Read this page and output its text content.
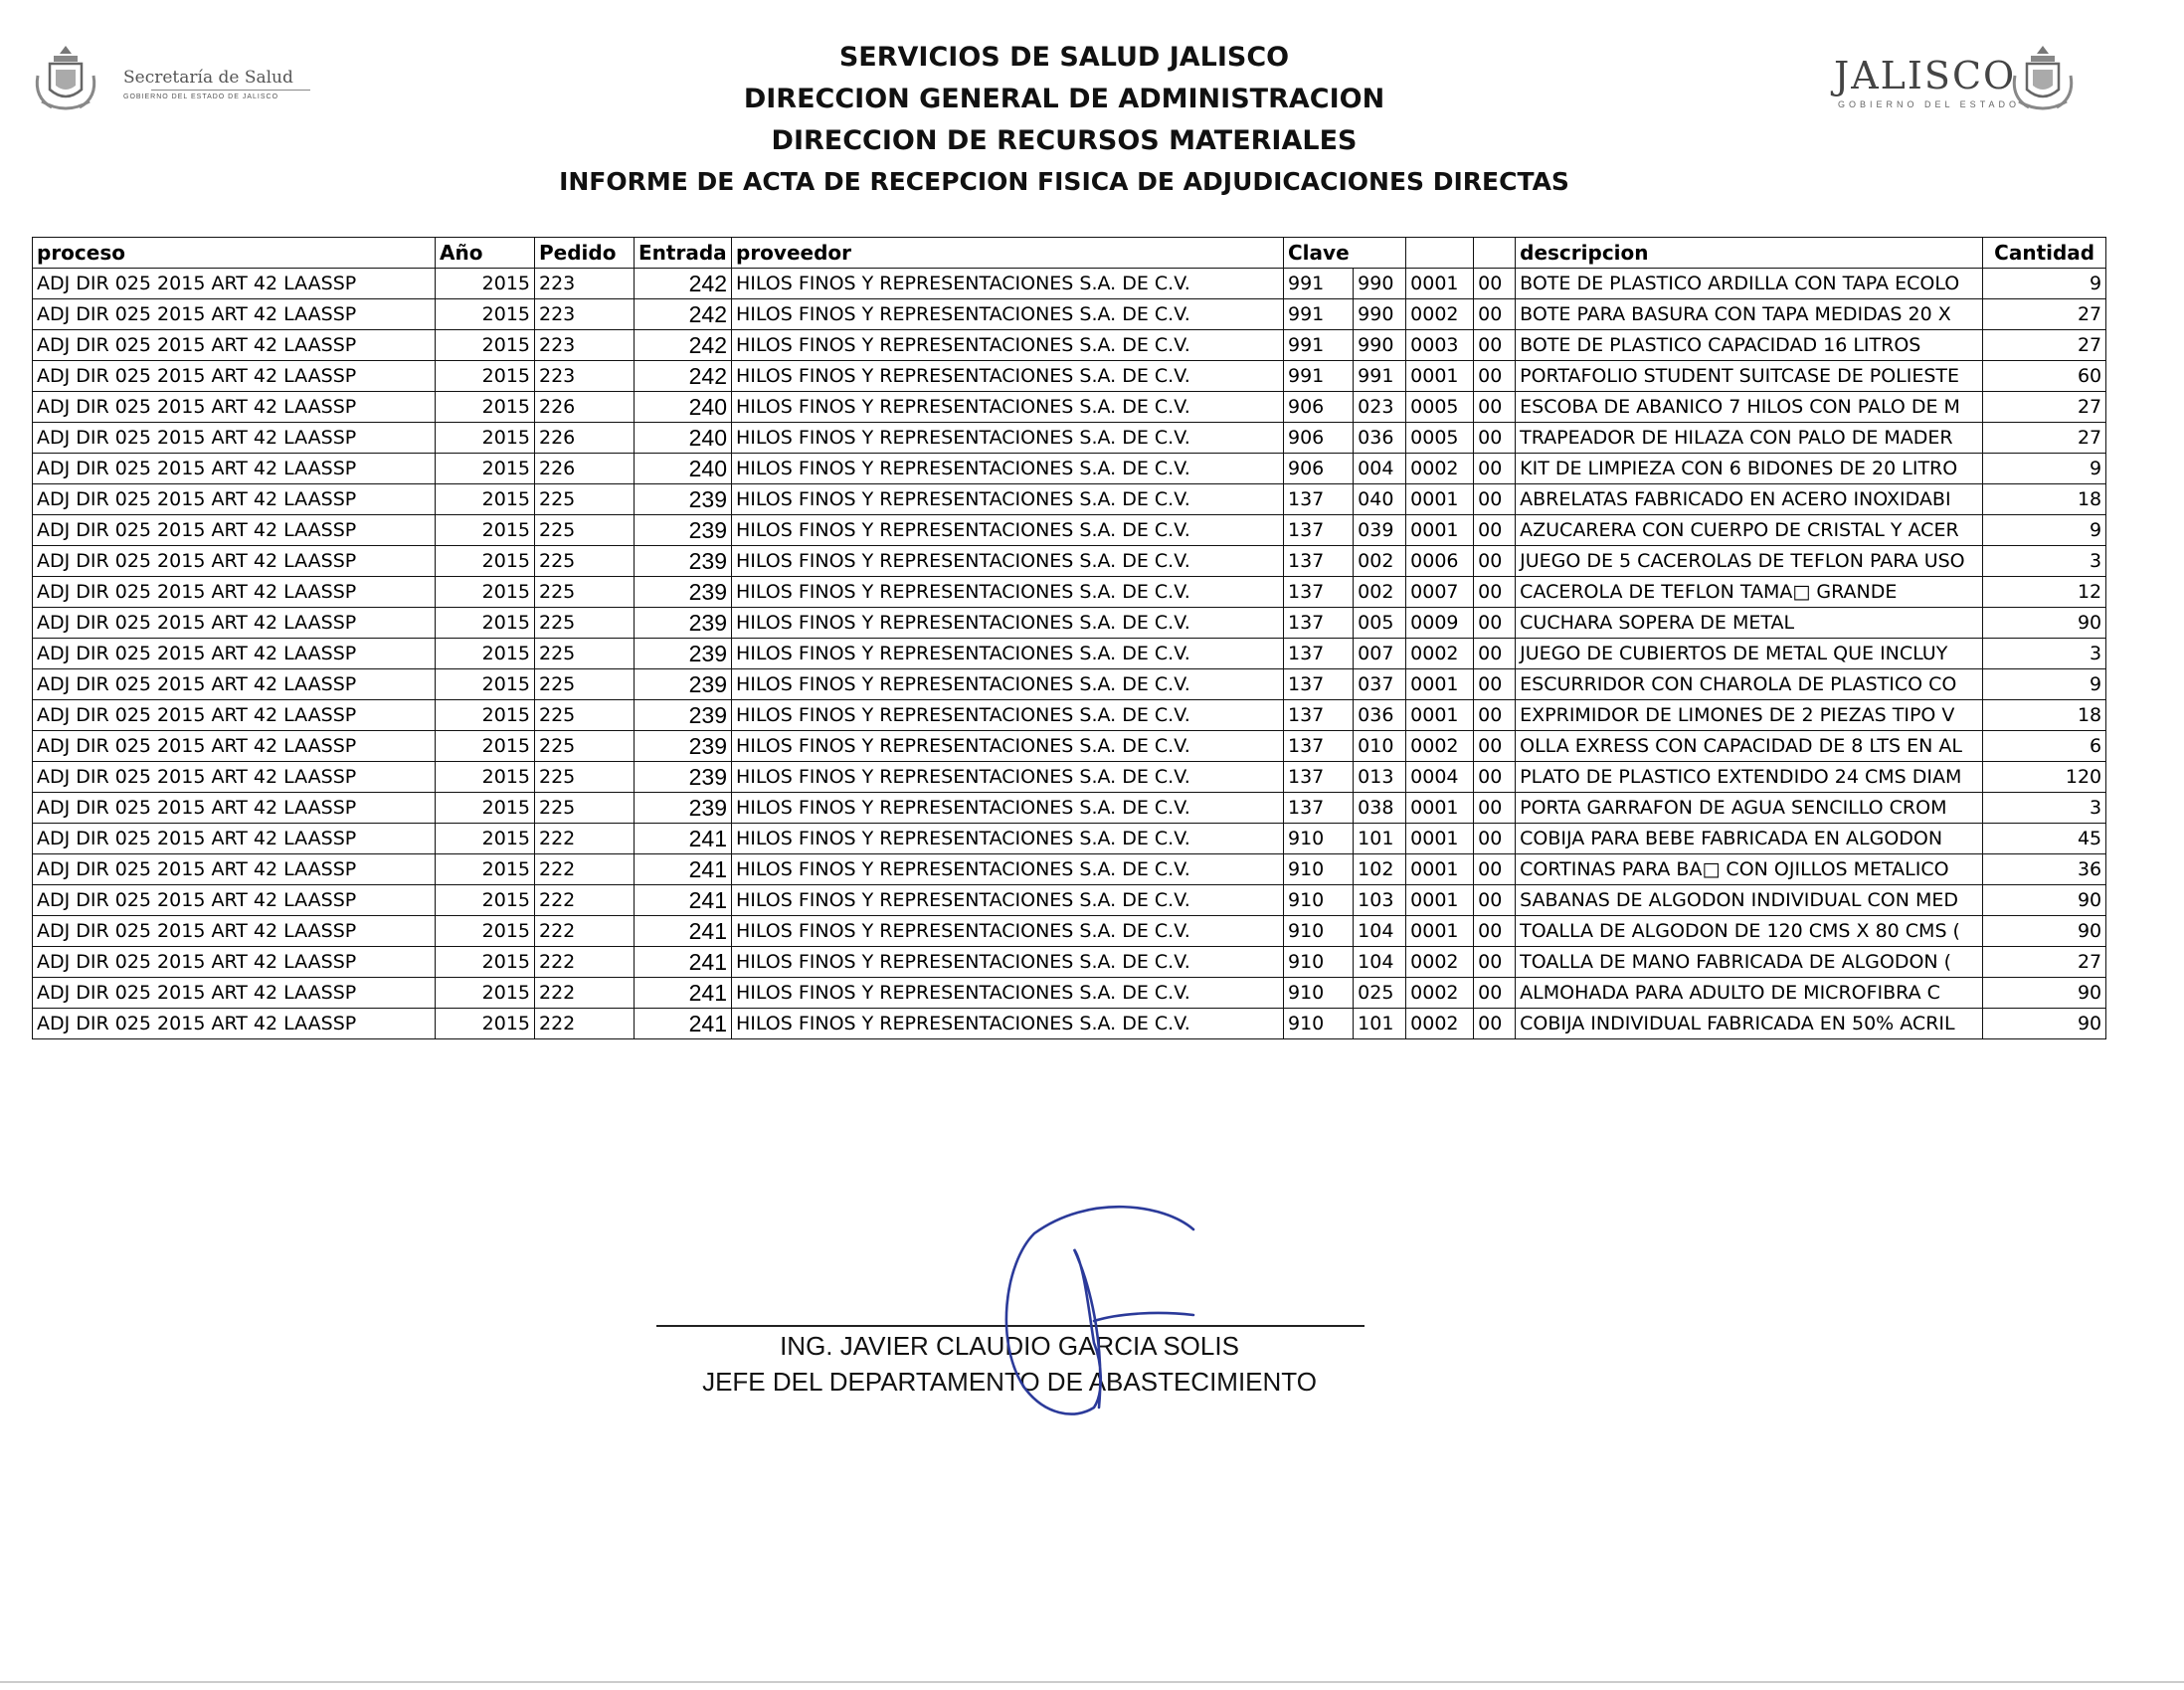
Secretaría de Salud
GOBIERNO DEL ESTADO DE JALISCO	JALISCO
GOBIERNO DEL ESTADO
SERVICIOS DE SALUD JALISCO
DIRECCION GENERAL DE ADMINISTRACION
DIRECCION DE RECURSOS MATERIALES
INFORME DE ACTA DE RECEPCION FISICA DE ADJUDICACIONES DIRECTAS
proceso	Año	Pedido	Entrada	proveedor	Clave				descripcion	Cantidad
ADJ DIR 025 2015 ART 42 LAASSP	2015	223	242	HILOS FINOS Y REPRESENTACIONES S.A. DE C.V.	991	990	0001	00	BOTE DE PLASTICO ARDILLA CON TAPA ECOLO	9
ADJ DIR 025 2015 ART 42 LAASSP	2015	223	242	HILOS FINOS Y REPRESENTACIONES S.A. DE C.V.	991	990	0002	00	BOTE PARA BASURA CON TAPA MEDIDAS 20 X	27
ADJ DIR 025 2015 ART 42 LAASSP	2015	223	242	HILOS FINOS Y REPRESENTACIONES S.A. DE C.V.	991	990	0003	00	BOTE DE PLASTICO CAPACIDAD 16 LITROS	27
ADJ DIR 025 2015 ART 42 LAASSP	2015	223	242	HILOS FINOS Y REPRESENTACIONES S.A. DE C.V.	991	991	0001	00	PORTAFOLIO STUDENT SUITCASE DE POLIESTE	60
ADJ DIR 025 2015 ART 42 LAASSP	2015	226	240	HILOS FINOS Y REPRESENTACIONES S.A. DE C.V.	906	023	0005	00	ESCOBA DE ABANICO 7 HILOS CON PALO DE M	27
ADJ DIR 025 2015 ART 42 LAASSP	2015	226	240	HILOS FINOS Y REPRESENTACIONES S.A. DE C.V.	906	036	0005	00	TRAPEADOR DE HILAZA CON PALO DE MADER	27
ADJ DIR 025 2015 ART 42 LAASSP	2015	226	240	HILOS FINOS Y REPRESENTACIONES S.A. DE C.V.	906	004	0002	00	KIT DE LIMPIEZA CON 6 BIDONES DE 20 LITRO	9
ADJ DIR 025 2015 ART 42 LAASSP	2015	225	239	HILOS FINOS Y REPRESENTACIONES S.A. DE C.V.	137	040	0001	00	ABRELATAS FABRICADO EN ACERO INOXIDABI	18
ADJ DIR 025 2015 ART 42 LAASSP	2015	225	239	HILOS FINOS Y REPRESENTACIONES S.A. DE C.V.	137	039	0001	00	AZUCARERA CON CUERPO DE CRISTAL Y ACER	9
ADJ DIR 025 2015 ART 42 LAASSP	2015	225	239	HILOS FINOS Y REPRESENTACIONES S.A. DE C.V.	137	002	0006	00	JUEGO DE 5 CACEROLAS DE TEFLON PARA USO	3
ADJ DIR 025 2015 ART 42 LAASSP	2015	225	239	HILOS FINOS Y REPRESENTACIONES S.A. DE C.V.	137	002	0007	00	CACEROLA DE TEFLON TAMA□ GRANDE	12
ADJ DIR 025 2015 ART 42 LAASSP	2015	225	239	HILOS FINOS Y REPRESENTACIONES S.A. DE C.V.	137	005	0009	00	CUCHARA SOPERA DE METAL	90
ADJ DIR 025 2015 ART 42 LAASSP	2015	225	239	HILOS FINOS Y REPRESENTACIONES S.A. DE C.V.	137	007	0002	00	JUEGO DE CUBIERTOS DE METAL QUE INCLUY	3
ADJ DIR 025 2015 ART 42 LAASSP	2015	225	239	HILOS FINOS Y REPRESENTACIONES S.A. DE C.V.	137	037	0001	00	ESCURRIDOR CON CHAROLA DE PLASTICO CO	9
ADJ DIR 025 2015 ART 42 LAASSP	2015	225	239	HILOS FINOS Y REPRESENTACIONES S.A. DE C.V.	137	036	0001	00	EXPRIMIDOR DE LIMONES DE 2 PIEZAS TIPO V	18
ADJ DIR 025 2015 ART 42 LAASSP	2015	225	239	HILOS FINOS Y REPRESENTACIONES S.A. DE C.V.	137	010	0002	00	OLLA EXRESS CON CAPACIDAD DE 8 LTS EN AL	6
ADJ DIR 025 2015 ART 42 LAASSP	2015	225	239	HILOS FINOS Y REPRESENTACIONES S.A. DE C.V.	137	013	0004	00	PLATO DE PLASTICO EXTENDIDO 24 CMS DIAM	120
ADJ DIR 025 2015 ART 42 LAASSP	2015	225	239	HILOS FINOS Y REPRESENTACIONES S.A. DE C.V.	137	038	0001	00	PORTA GARRAFON DE AGUA SENCILLO CROM	3
ADJ DIR 025 2015 ART 42 LAASSP	2015	222	241	HILOS FINOS Y REPRESENTACIONES S.A. DE C.V.	910	101	0001	00	COBIJA PARA BEBE FABRICADA EN ALGODON	45
ADJ DIR 025 2015 ART 42 LAASSP	2015	222	241	HILOS FINOS Y REPRESENTACIONES S.A. DE C.V.	910	102	0001	00	CORTINAS PARA BA□ CON OJILLOS METALICO	36
ADJ DIR 025 2015 ART 42 LAASSP	2015	222	241	HILOS FINOS Y REPRESENTACIONES S.A. DE C.V.	910	103	0001	00	SABANAS DE ALGODON INDIVIDUAL CON MED	90
ADJ DIR 025 2015 ART 42 LAASSP	2015	222	241	HILOS FINOS Y REPRESENTACIONES S.A. DE C.V.	910	104	0001	00	TOALLA DE ALGODON DE 120 CMS X 80 CMS (	90
ADJ DIR 025 2015 ART 42 LAASSP	2015	222	241	HILOS FINOS Y REPRESENTACIONES S.A. DE C.V.	910	104	0002	00	TOALLA DE MANO FABRICADA DE ALGODON (	27
ADJ DIR 025 2015 ART 42 LAASSP	2015	222	241	HILOS FINOS Y REPRESENTACIONES S.A. DE C.V.	910	025	0002	00	ALMOHADA PARA ADULTO DE MICROFIBRA C	90
ADJ DIR 025 2015 ART 42 LAASSP	2015	222	241	HILOS FINOS Y REPRESENTACIONES S.A. DE C.V.	910	101	0002	00	COBIJA INDIVIDUAL FABRICADA EN 50% ACRIL	90
ING. JAVIER CLAUDIO GARCIA SOLIS
JEFE DEL DEPARTAMENTO DE ABASTECIMIENTO
